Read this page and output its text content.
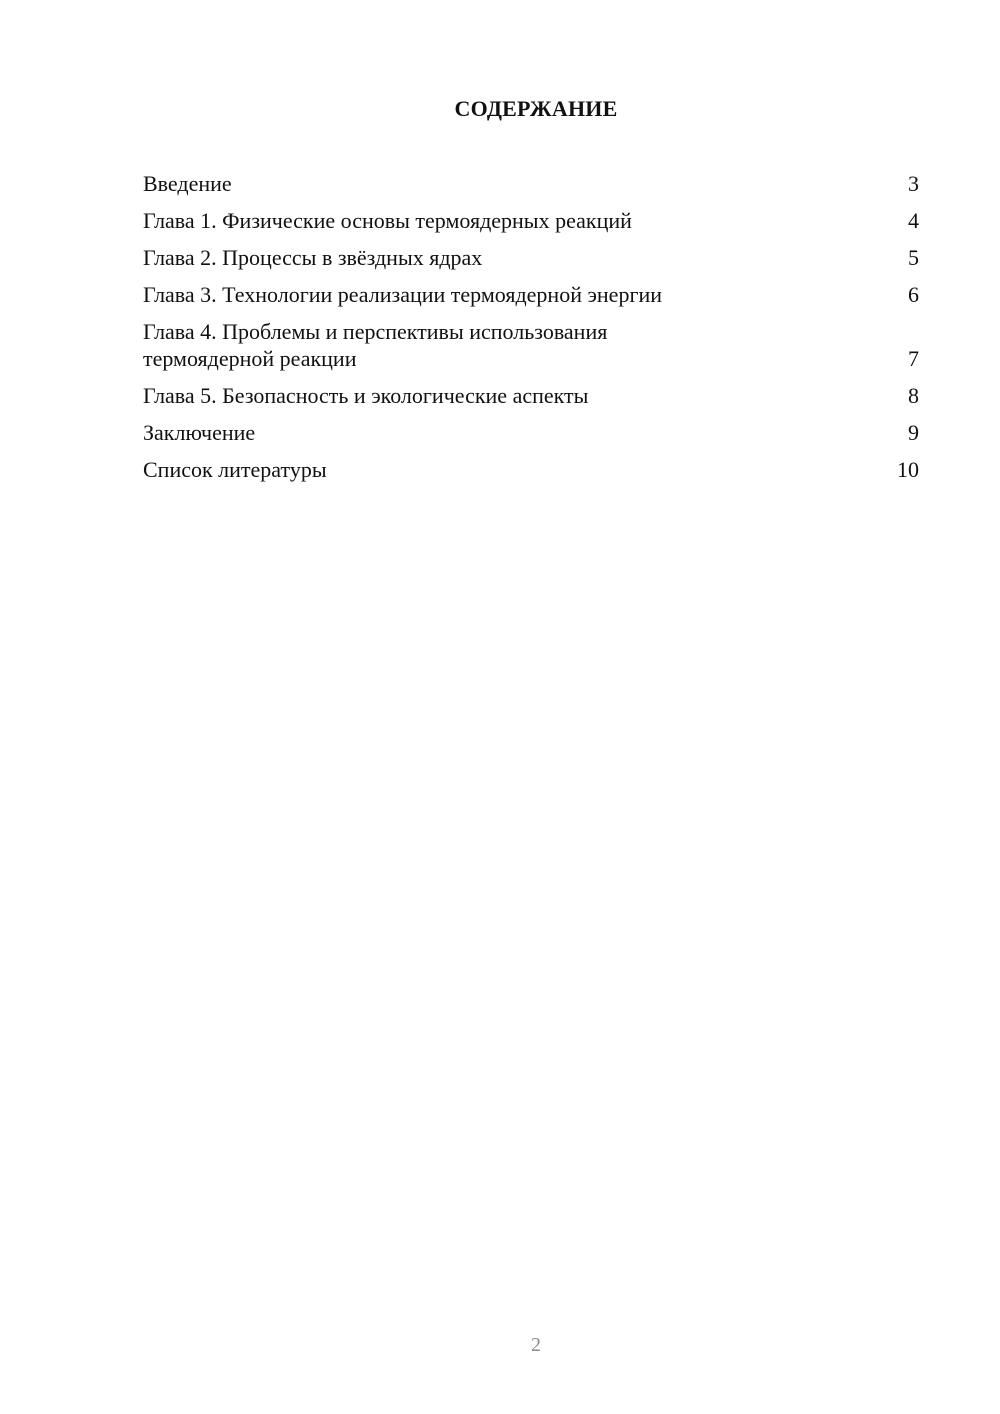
СОДЕРЖАНИЕ
Введение	3
Глава 1. Физические основы термоядерных реакций	4
Глава 2. Процессы в звёздных ядрах	5
Глава 3. Технологии реализации термоядерной энергии	6
Глава 4. Проблемы и перспективы использования термоядерной реакции	7
Глава 5. Безопасность и экологические аспекты	8
Заключение	9
Список литературы	10
2
